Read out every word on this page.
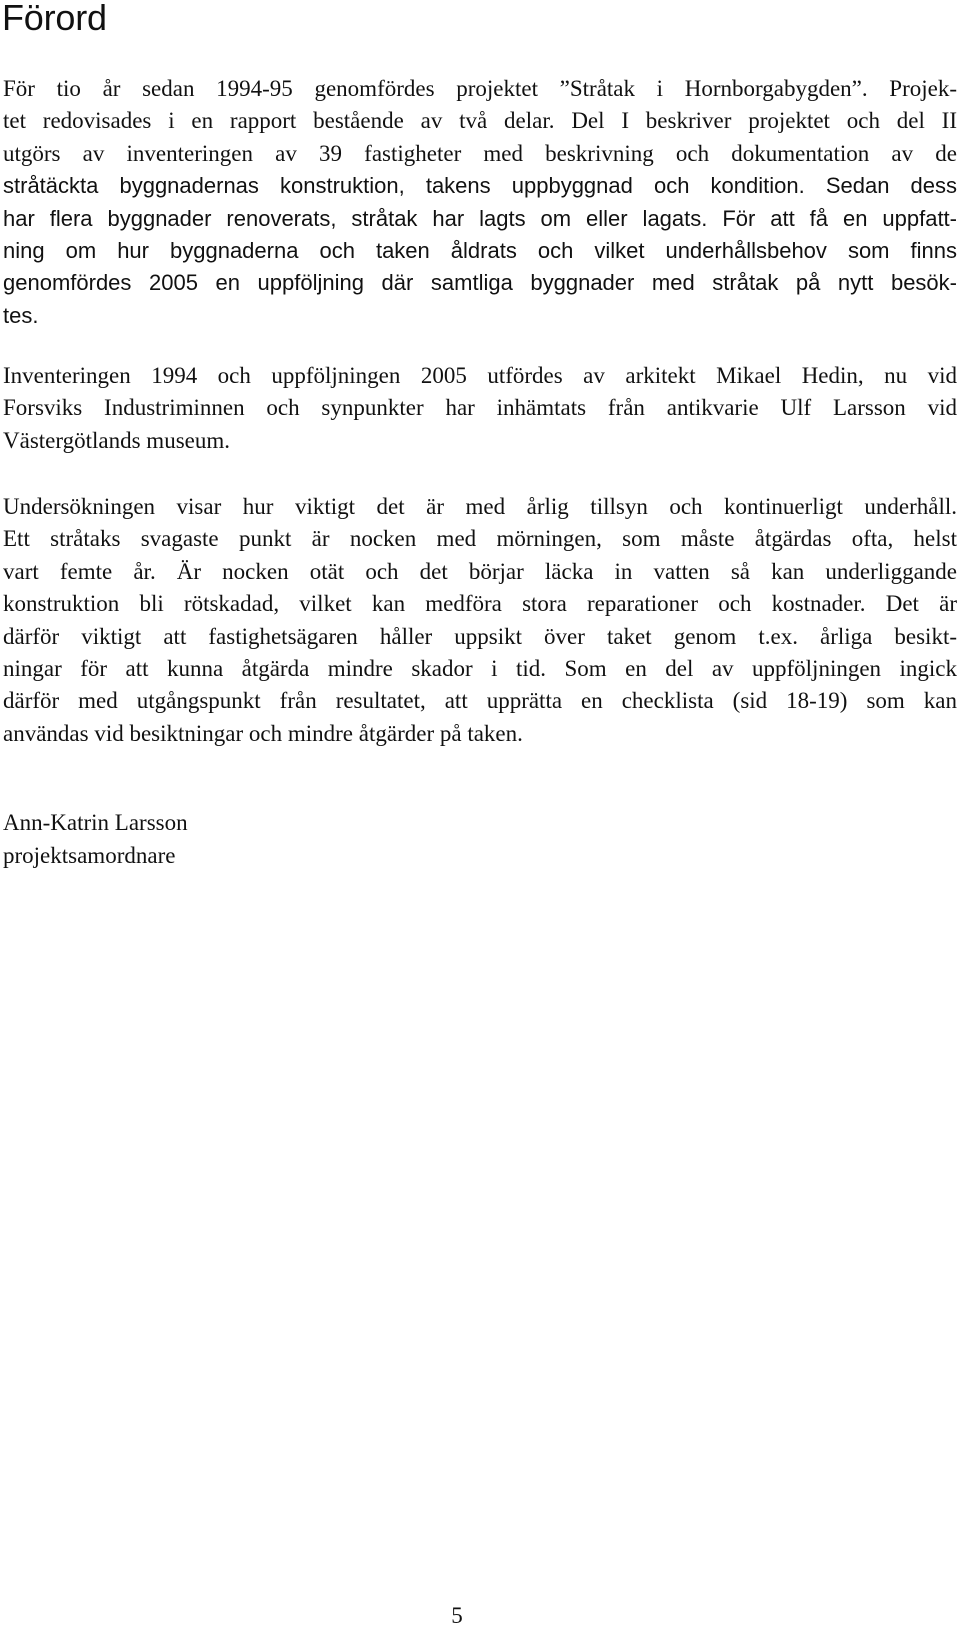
Förord
För tio år sedan 1994-95 genomfördes projektet ”Stråtak i Hornborgabygden”. Projek-
tet redovisades i en rapport bestående av två delar. Del I beskriver projektet och del II
utgörs av inventeringen av 39 fastigheter med beskrivning och dokumentation av de
stråtäckta byggnadernas konstruktion, takens uppbyggnad och kondition. Sedan dess
har flera byggnader renoverats, stråtak har lagts om eller lagats. För att få en uppfatt-
ning om hur byggnaderna och taken åldrats och vilket underhållsbehov som finns
genomfördes 2005 en uppföljning där samtliga byggnader med stråtak på nytt besök-
tes.
Inventeringen 1994 och uppföljningen 2005 utfördes av arkitekt Mikael Hedin, nu vid
Forsviks Industriminnen och synpunkter har inhämtats från antikvarie Ulf Larsson vid
Västergötlands museum.
Undersökningen visar hur viktigt det är med årlig tillsyn och kontinuerligt underhåll.
Ett stråtaks svagaste punkt är nocken med mörningen, som måste åtgärdas ofta, helst
vart femte år. Är nocken otät och det börjar läcka in vatten så kan underliggande
konstruktion bli rötskadad, vilket kan medföra stora reparationer och kostnader. Det är
därför viktigt att fastighetsägaren håller uppsikt över taket genom t.ex. årliga besikt-
ningar för att kunna åtgärda mindre skador i tid. Som en del av uppföljningen ingick
därför med utgångspunkt från resultatet, att upprätta en checklista (sid 18-19) som kan
användas vid besiktningar och mindre åtgärder på taken.
Ann-Katrin Larsson
projektsamordnare
5
